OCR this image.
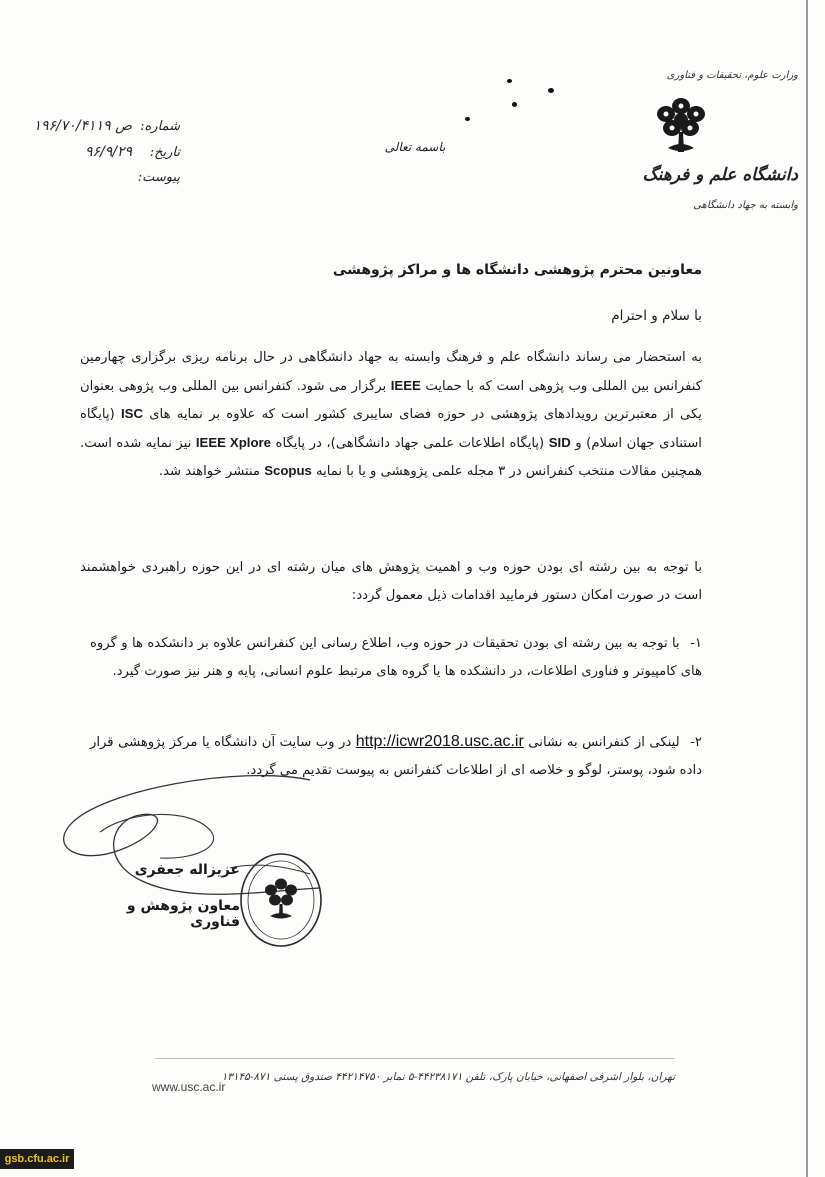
وزارت علوم، تحقیقات و فناوری
دانشگاه علم و فرهنگ
وابسته به جهاد دانشگاهی
باسمه تعالی
شماره:
۱۹۶/۷۰/۴۱۱۹ ص
تاریخ:
۹۶/۹/۲۹
پیوست:
معاونین محترم پژوهشی دانشگاه ها و مراکز پژوهشی
با سلام و احترام
به استحضار می رساند دانشگاه علم و فرهنگ وابسته به جهاد دانشگاهی در حال برنامه ریزی برگزاری چهارمین کنفرانس بین المللی وب پژوهی است که با حمایت IEEE برگزار می شود. کنفرانس بین المللی وب پژوهی بعنوان یکی از معتبرترین رویدادهای پژوهشی در حوزه فضای سایبری کشور است که علاوه بر نمایه های ISC (پایگاه استنادی جهان اسلام) و SID (پایگاه اطلاعات علمی جهاد دانشگاهی)، در پایگاه IEEE Xplore نیز نمایه شده است. همچنین مقالات منتخب کنفرانس در ۳ مجله علمی پژوهشی و یا با نمایه Scopus منتشر خواهند شد.
با توجه به بین رشته ای بودن حوزه وب و اهمیت پژوهش های میان رشته ای در این حوزه راهبردی خواهشمند است در صورت امکان دستور فرمایید اقدامات ذیل معمول گردد:
۱- با توجه به بین رشته ای بودن تحقیقات در حوزه وب، اطلاع رسانی این کنفرانس علاوه بر دانشکده ها و گروه های کامپیوتر و فناوری اطلاعات، در دانشکده ها یا گروه های مرتبط علوم انسانی، پایه و هنر نیز صورت گیرد.
۲- لینکی از کنفرانس به نشانی http://icwr2018.usc.ac.ir در وب سایت آن دانشگاه یا مرکز پژوهشی قرار داده شود، پوستر، لوگو و خلاصه ای از اطلاعات کنفرانس به پیوست تقدیم می گردد.
عزیزاله جعفری
معاون پژوهش و فناوری
تهران، بلوار اشرفی اصفهانی، خیابان پارک، تلفن ۴۴۲۳۸۱۷۱-۵ نمابر ۴۴۲۱۴۷۵۰ صندوق پستی ۸۷۱-۱۳۱۴۵
www.usc.ac.ir
gsb.cfu.ac.ir
